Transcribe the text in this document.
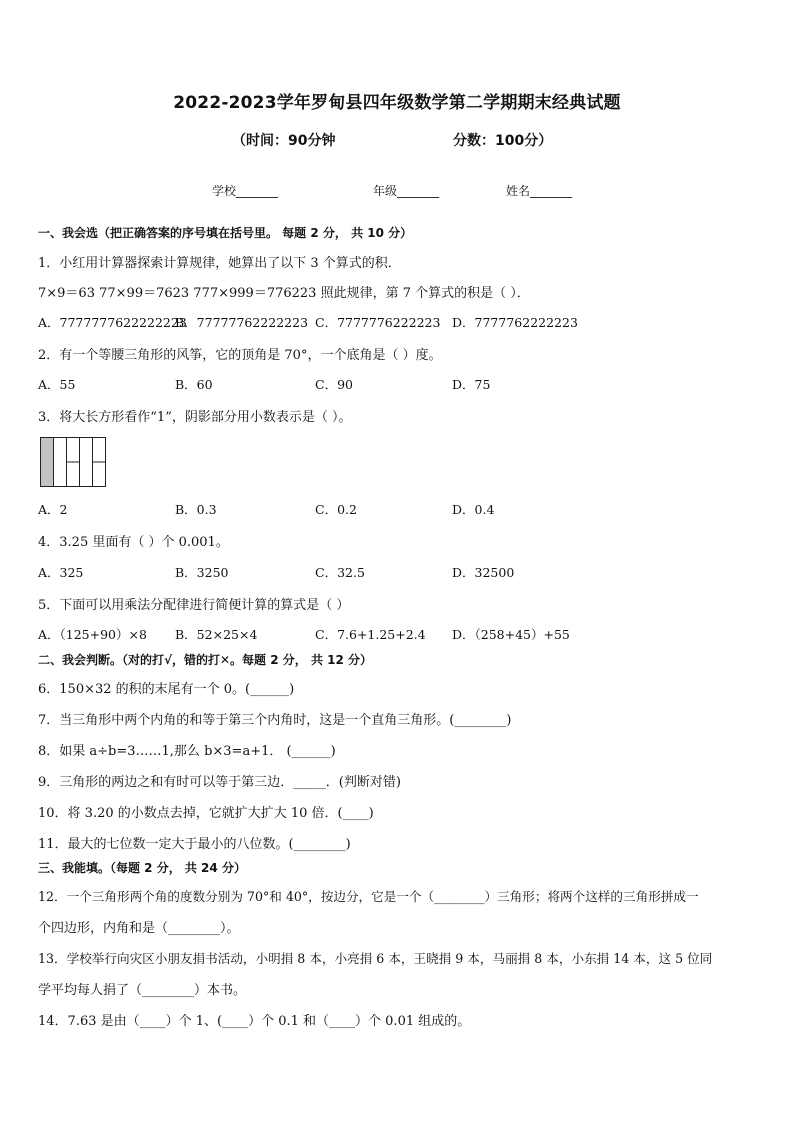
2022-2023学年罗甸县四年级数学第二学期期末经典试题
（时间：90分钟	分数：100分）
学校_______	年级_______	姓名_______
一、我会选（把正确答案的序号填在括号里。 每题 2 分， 共 10 分）
1．小红用计算器探索计算规律，她算出了以下 3 个算式的积．
7×9＝63 77×99＝7623 777×999＝776223 照此规律，第 7 个算式的积是（ ）．
A．7777777622222223
B．77777762222223 C．7777776222223 D．7777762222223
2．有一个等腰三角形的风筝，它的顶角是 70°，一个底角是（ ）度。
A．55	B．60	C．90	D．75
3．将大长方形看作“1”，阴影部分用小数表示是（ ）。
A．2	B．0.3	C．0.2	D．0.4
4．3.25 里面有（ ）个 0.001。
A．325	B．3250	C．32.5	D．32500
5．下面可以用乘法分配律进行简便计算的算式是（ ）
A．（125+90）×8 B．52×25×4	C．7.6+1.25+2.4 D．（258+45）+55
二、我会判断。（对的打√，错的打✕。每题 2 分， 共 12 分）
6．150×32 的积的末尾有一个 0。(______)
7．当三角形中两个内角的和等于第三个内角时，这是一个直角三角形。(________)
8．如果 a÷b=3……1,那么 b×3=a+1． (______)
9．三角形的两边之和有时可以等于第三边．_____．(判断对错)
10．将 3.20 的小数点去掉，它就扩大扩大 10 倍．(____)
11．最大的七位数一定大于最小的八位数。(________)
三、我能填。（每题 2 分， 共 24 分）
12．一个三角形两个角的度数分别为 70°和 40°，按边分，它是一个（________）三角形；将两个这样的三角形拼成一
个四边形，内角和是（________）。
13．学校举行向灾区小朋友捐书活动，小明捐 8 本，小亮捐 6 本，王晓捐 9 本，马丽捐 8 本，小东捐 14 本，这 5 位同
学平均每人捐了（________）本书。
14．7.63 是由（____）个 1、(____）个 0.1 和（____）个 0.01 组成的。
